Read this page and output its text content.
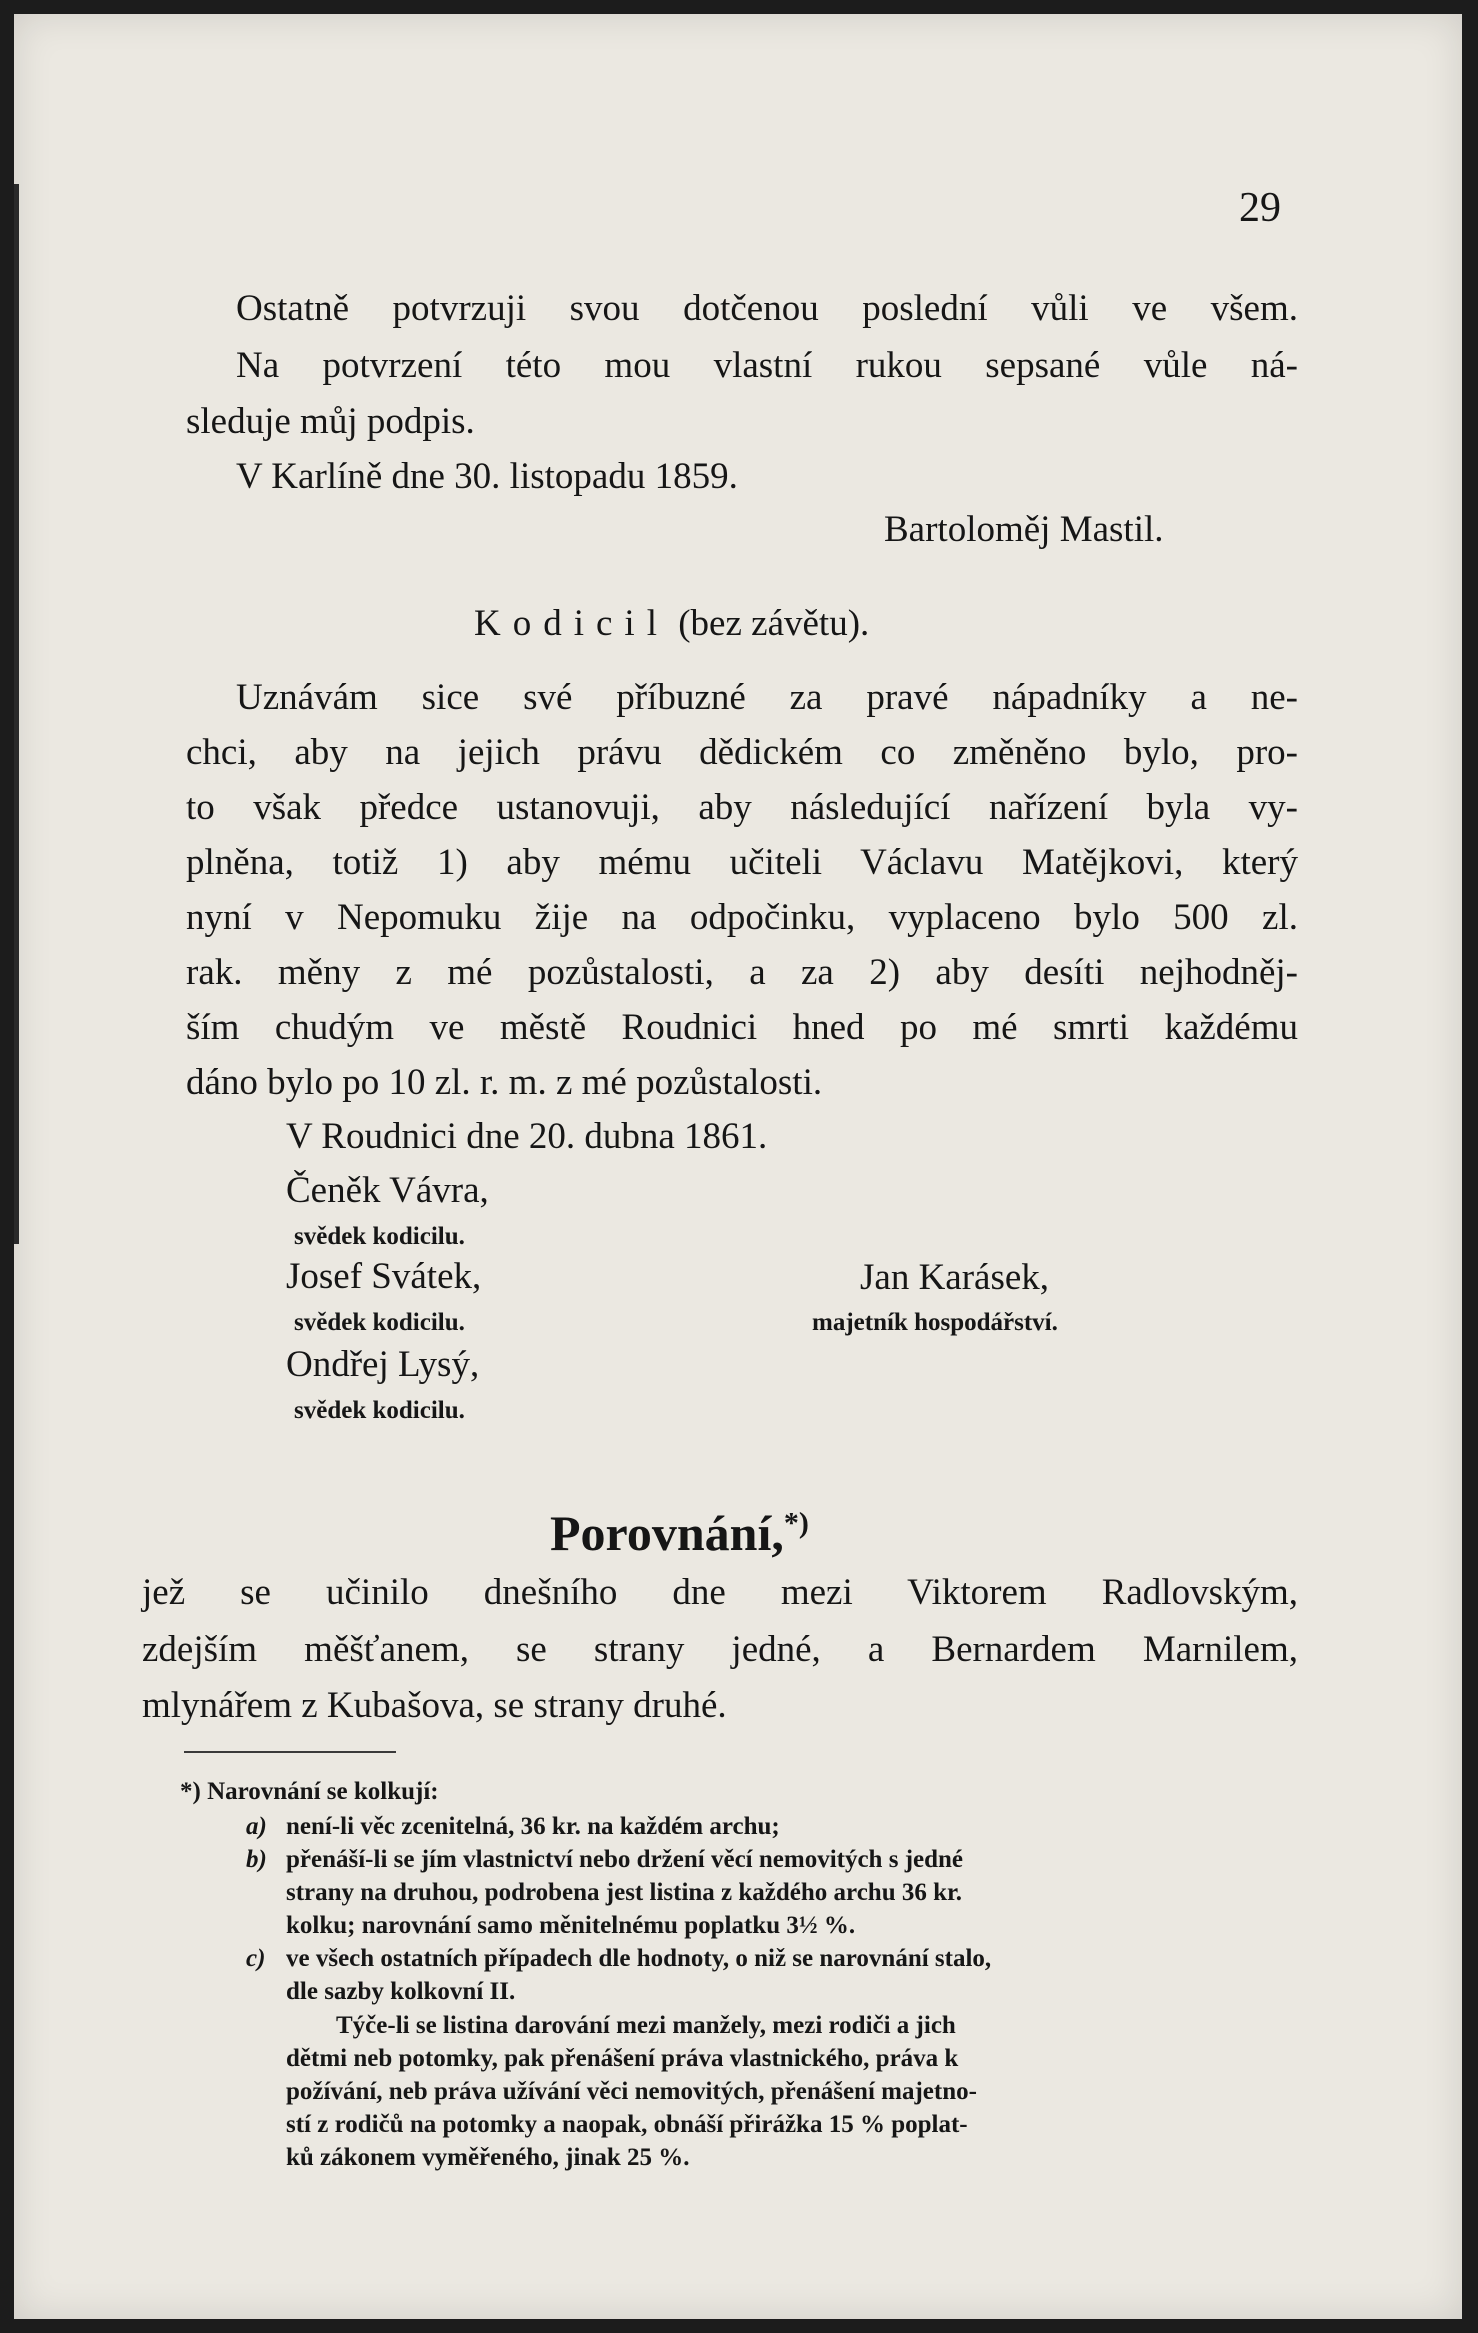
29
Ostatně potvrzuji svou dotčenou poslední vůli ve všem.
Na potvrzení této mou vlastní rukou sepsané vůle ná-
sleduje můj podpis.
V Karlíně dne 30. listopadu 1859.
Bartoloměj Mastil.
Kodicil (bez závětu).
Uznávám sice své příbuzné za pravé nápadníky a ne-
chci, aby na jejich právu dědickém co změněno bylo, pro-
to však předce ustanovuji, aby následující nařízení byla vy-
plněna, totiž 1) aby mému učiteli Václavu Matějkovi, který
nyní v Nepomuku žije na odpočinku, vyplaceno bylo 500 zl.
rak. měny z mé pozůstalosti, a za 2) aby desíti nejhodněj-
ším chudým ve městě Roudnici hned po mé smrti každému
dáno bylo po 10 zl. r. m. z mé pozůstalosti.
V Roudnici dne 20. dubna 1861.
Čeněk Vávra,
svědek kodicilu.
Josef Svátek,
svědek kodicilu.
Ondřej Lysý,
svědek kodicilu.
Jan Karásek,
majetník hospodářství.
Porovnání,*)
jež se učinilo dnešního dne mezi Viktorem Radlovským,
zdejším měšťanem, se strany jedné, a Bernardem Marnilem,
mlynářem z Kubašova, se strany druhé.
*) Narovnání se kolkují:
a) není-li věc zcenitelná, 36 kr. na každém archu;
b) přenáší-li se jím vlastnictví nebo držení věcí nemovitých s jedné
strany na druhou, podrobena jest listina z každého archu 36 kr.
kolku; narovnání samo měnitelnému poplatku 3½ %.
c) ve všech ostatních případech dle hodnoty, o niž se narovnání stalo,
dle sazby kolkovní II.
Týče-li se listina darování mezi manžely, mezi rodiči a jich
dětmi neb potomky, pak přenášení práva vlastnického, práva k
požívání, neb práva užívání věci nemovitých, přenášení majetno-
stí z rodičů na potomky a naopak, obnáší přirážka 15 % poplat-
ků zákonem vyměřeného, jinak 25 %.
